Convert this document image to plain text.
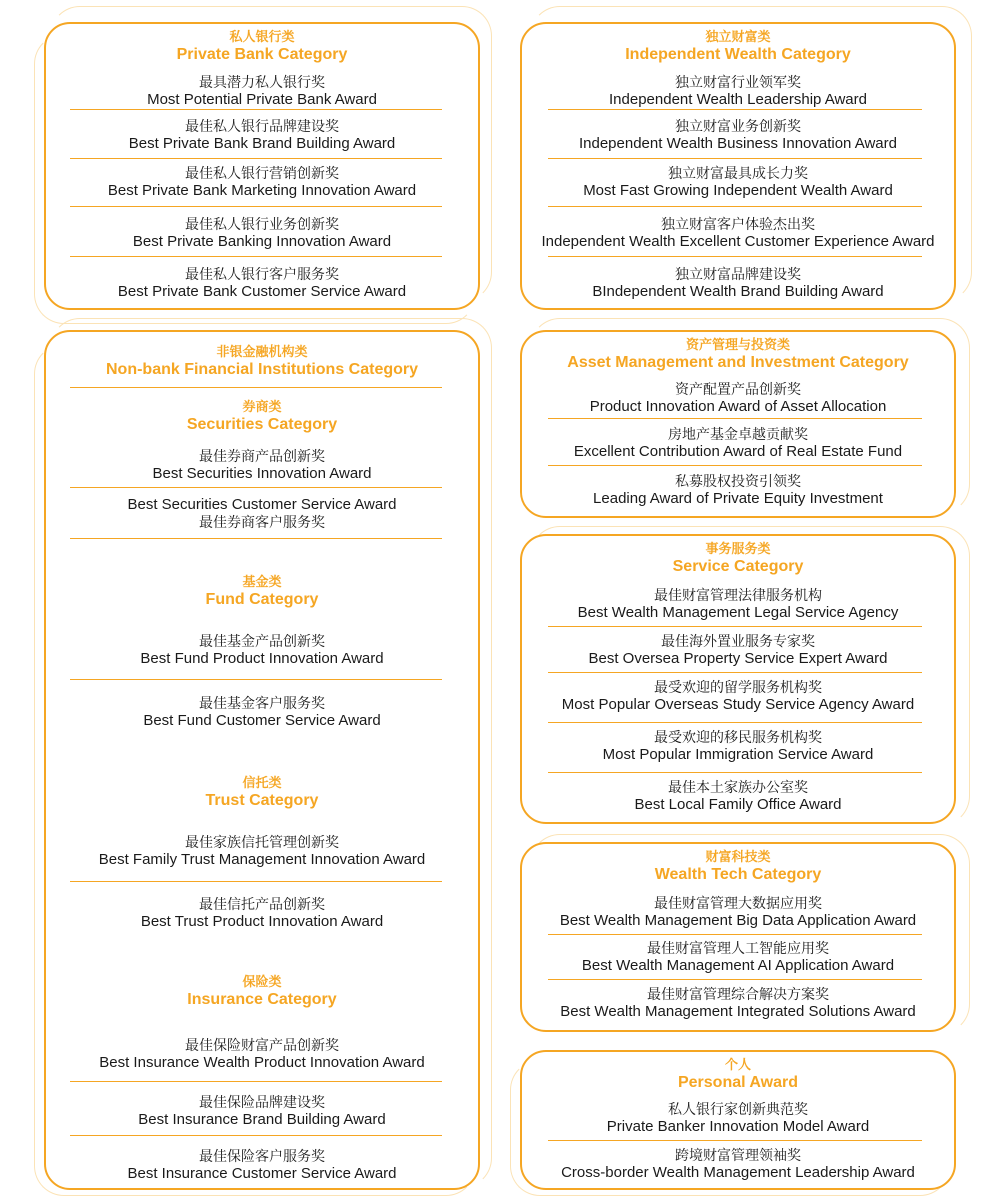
私人银行类
Private Bank Category
最具潜力私人银行奖
Most Potential Private Bank Award
最佳私人银行品牌建设奖
Best Private Bank Brand Building Award
最佳私人银行营销创新奖
Best Private Bank Marketing Innovation Award
最佳私人银行业务创新奖
Best Private Banking Innovation Award
最佳私人银行客户服务奖
Best Private Bank Customer Service Award
非银金融机构类
Non-bank Financial Institutions Category
券商类
Securities Category
最佳券商产品创新奖
Best Securities Innovation Award
Best Securities Customer Service Award
最佳券商客户服务奖
基金类
Fund Category
最佳基金产品创新奖
Best Fund Product Innovation Award
最佳基金客户服务奖
Best Fund Customer Service Award
信托类
Trust Category
最佳家族信托管理创新奖
Best Family Trust Management Innovation Award
最佳信托产品创新奖
Best Trust Product Innovation Award
保险类
Insurance Category
最佳保险财富产品创新奖
Best Insurance Wealth Product Innovation Award
最佳保险品牌建设奖
Best Insurance Brand Building Award
最佳保险客户服务奖
Best Insurance Customer Service Award
独立财富类
Independent Wealth Category
独立财富行业领军奖
Independent Wealth Leadership Award
独立财富业务创新奖
Independent Wealth Business Innovation Award
独立财富最具成长力奖
Most Fast Growing Independent Wealth Award
独立财富客户体验杰出奖
Independent Wealth Excellent Customer Experience Award
独立财富品牌建设奖
BIndependent Wealth Brand Building Award
资产管理与投资类
Asset Management and Investment Category
资产配置产品创新奖
Product Innovation Award of Asset Allocation
房地产基金卓越贡献奖
Excellent Contribution Award of Real Estate Fund
私募股权投资引领奖
Leading Award of Private Equity Investment
事务服务类
Service Category
最佳财富管理法律服务机构
Best Wealth Management Legal Service Agency
最佳海外置业服务专家奖
Best Oversea Property Service Expert Award
最受欢迎的留学服务机构奖
Most Popular Overseas Study Service Agency Award
最受欢迎的移民服务机构奖
Most Popular Immigration Service Award
最佳本土家族办公室奖
Best Local Family Office Award
财富科技类
Wealth Tech Category
最佳财富管理大数据应用奖
Best Wealth Management Big Data Application Award
最佳财富管理人工智能应用奖
Best Wealth Management AI Application Award
最佳财富管理综合解决方案奖
Best Wealth Management Integrated Solutions Award
个人
Personal Award
私人银行家创新典范奖
Private Banker Innovation Model Award
跨境财富管理领袖奖
Cross-border Wealth Management Leadership Award
